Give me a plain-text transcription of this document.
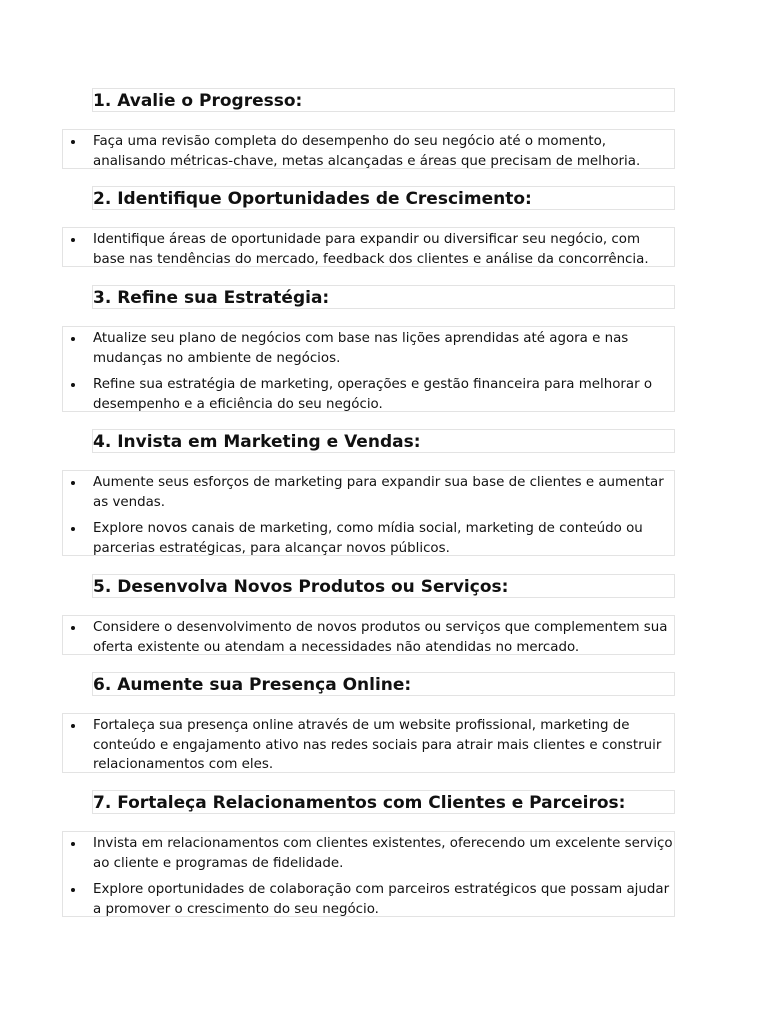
1. Avalie o Progresso:
Faça uma revisão completa do desempenho do seu negócio até o momento, analisando métricas-chave, metas alcançadas e áreas que precisam de melhoria.
2. Identifique Oportunidades de Crescimento:
Identifique áreas de oportunidade para expandir ou diversificar seu negócio, com base nas tendências do mercado, feedback dos clientes e análise da concorrência.
3. Refine sua Estratégia:
Atualize seu plano de negócios com base nas lições aprendidas até agora e nas mudanças no ambiente de negócios.
Refine sua estratégia de marketing, operações e gestão financeira para melhorar o desempenho e a eficiência do seu negócio.
4. Invista em Marketing e Vendas:
Aumente seus esforços de marketing para expandir sua base de clientes e aumentar as vendas.
Explore novos canais de marketing, como mídia social, marketing de conteúdo ou parcerias estratégicas, para alcançar novos públicos.
5. Desenvolva Novos Produtos ou Serviços:
Considere o desenvolvimento de novos produtos ou serviços que complementem sua oferta existente ou atendam a necessidades não atendidas no mercado.
6. Aumente sua Presença Online:
Fortaleça sua presença online através de um website profissional, marketing de conteúdo e engajamento ativo nas redes sociais para atrair mais clientes e construir relacionamentos com eles.
7. Fortaleça Relacionamentos com Clientes e Parceiros:
Invista em relacionamentos com clientes existentes, oferecendo um excelente serviço ao cliente e programas de fidelidade.
Explore oportunidades de colaboração com parceiros estratégicos que possam ajudar a promover o crescimento do seu negócio.
